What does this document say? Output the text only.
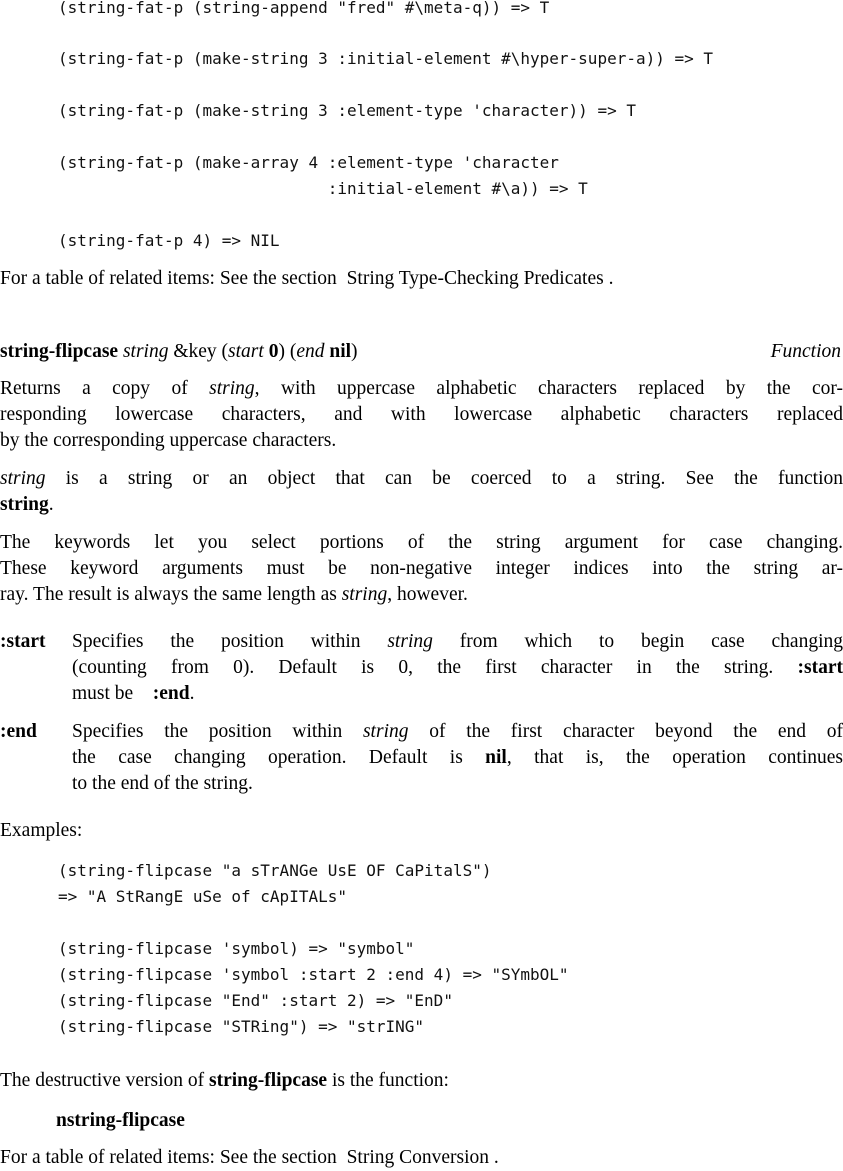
(string-fat-p (string-append "fred" #\meta-q)) => T
(string-fat-p (make-string 3 :initial-element #\hyper-super-a)) => T
(string-fat-p (make-string 3 :element-type 'character)) => T
(string-fat-p (make-array 4 :element-type 'character
:initial-element #\a)) => T
(string-fat-p 4) => NIL
For a table of related items: See the section String Type-Checking Predicates .
string-flipcase string &key (start 0) (end nil)	Function
Returns a copy of string, with uppercase alphabetic characters replaced by the cor-
responding lowercase characters, and with lowercase alphabetic characters replaced
by the corresponding uppercase characters.
string is a string or an object that can be coerced to a string. See the function
string.
The keywords let you select portions of the string argument for case changing.
These keyword arguments must be non-negative integer indices into the string ar-
ray. The result is always the same length as string, however.
:start Specifies the position within string from which to begin case changing
(counting from 0). Default is 0, the first character in the string. :start
must be :end.
:end Specifies the position within string of the first character beyond the end of
the case changing operation. Default is nil, that is, the operation continues
to the end of the string.
Examples:
(string-flipcase "a sTrANGe UsE OF CaPitalS")
=> "A StRangE uSe of cApITALs"
(string-flipcase 'symbol) => "symbol"
(string-flipcase 'symbol :start 2 :end 4) => "SYmbOL"
(string-flipcase "End" :start 2) => "EnD"
(string-flipcase "STRing") => "strING"
The destructive version of string-flipcase is the function:
nstring-flipcase
For a table of related items: See the section String Conversion .
